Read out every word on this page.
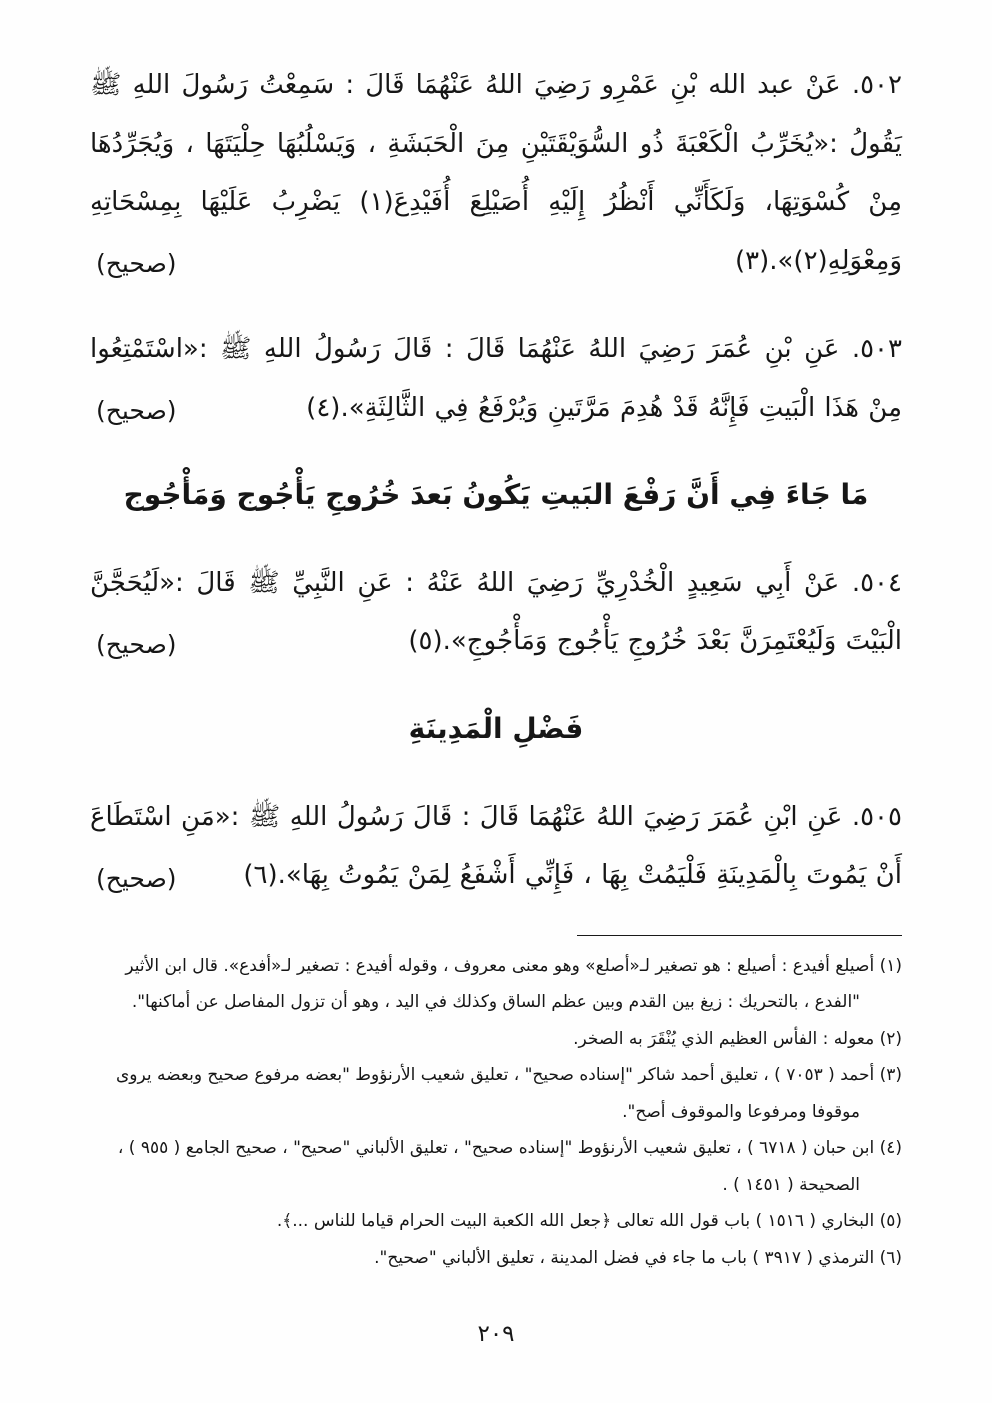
٥٠٢. عَنْ عبد الله بْنِ عَمْرِو رَضِيَ اللهُ عَنْهُمَا قَالَ : سَمِعْتُ رَسُولَ اللهِ ﷺ يَقُولُ :«يُخَرِّبُ الْكَعْبَةَ ذُو السُّوَيْقَتَيْنِ مِنَ الْحَبَشَةِ ، وَيَسْلُبُهَا حِلْيَتَهَا ، وَيُجَرِّدُهَا مِنْ كُسْوَتِهَا، وَلَكَأَنِّي أَنْظُرُ إِلَيْهِ أُصَيْلِعَ أُفَيْدِعَ(١) يَضْرِبُ عَلَيْهَا بِمِسْحَاتِهِ وَمِعْوَلِهِ(٢)».(٣)

(صحيح)

٥٠٣. عَنِ بْنِ عُمَرَ رَضِيَ اللهُ عَنْهُمَا قَالَ : قَالَ رَسُولُ اللهِ ﷺ :«اسْتَمْتِعُوا مِنْ هَذَا الْبَيتِ فَإِنَّهُ قَدْ هُدِمَ مَرَّتَينِ وَيُرْفَعُ فِي الثَّالِثَةِ».(٤)

(صحيح)
مَا جَاءَ فِي أَنَّ رَفْعَ البَيتِ يَكُونُ بَعدَ خُرُوجِ يَأْجُوج وَمَأْجُوج

٥٠٤. عَنْ أَبِي سَعِيدٍ الْخُدْرِيِّ رَضِيَ اللهُ عَنْهُ : عَنِ النَّبِيِّ ﷺ قَالَ :«لَيُحَجَّنَّ الْبَيْتَ وَلَيُعْتَمِرَنَّ بَعْدَ خُرُوجِ يَأْجُوج وَمَأْجُوجِ».(٥)

(صحيح)
فَضْلِ الْمَدِينَةِ

٥٠٥. عَنِ ابْنِ عُمَرَ رَضِيَ اللهُ عَنْهُمَا قَالَ : قَالَ رَسُولُ اللهِ ﷺ :«مَنِ اسْتَطَاعَ أَنْ يَمُوتَ بِالْمَدِينَةِ فَلْيَمُتْ بِهَا ، فَإِنِّي أَشْفَعُ لِمَنْ يَمُوتُ بِهَا».(٦)

(صحيح)

(١) أصيلع أفيدع : أصيلع : هو تصغير لـ«أصلع» وهو معنى معروف ، وقوله أفيدع : تصغير لـ«أفدع». قال ابن الأثير "الفدع ، بالتحريك : زيغ بين القدم وبين عظم الساق وكذلك في اليد ، وهو أن تزول المفاصل عن أماكنها".

(٢) معوله : الفأس العظيم الذي يُنْقَرَ به الصخر.

(٣) أحمد ( ٧٠٥٣ ) ، تعليق أحمد شاكر "إسناده صحيح" ، تعليق شعيب الأرنؤوط "بعضه مرفوع صحيح وبعضه يروى موقوفا ومرفوعا والموقوف أصح".

(٤) ابن حبان ( ٦٧١٨ ) ، تعليق شعيب الأرنؤوط "إسناده صحيح" ، تعليق الألباني "صحيح" ، صحيح الجامع ( ٩٥٥ ) ، الصحيحة ( ١٤٥١ ) .

(٥) البخاري ( ١٥١٦ ) باب قول الله تعالى ﴿جعل الله الكعبة البيت الحرام قياما للناس ...﴾.

(٦) الترمذي ( ٣٩١٧ ) باب ما جاء في فضل المدينة ، تعليق الألباني "صحيح".

٢٠٩
